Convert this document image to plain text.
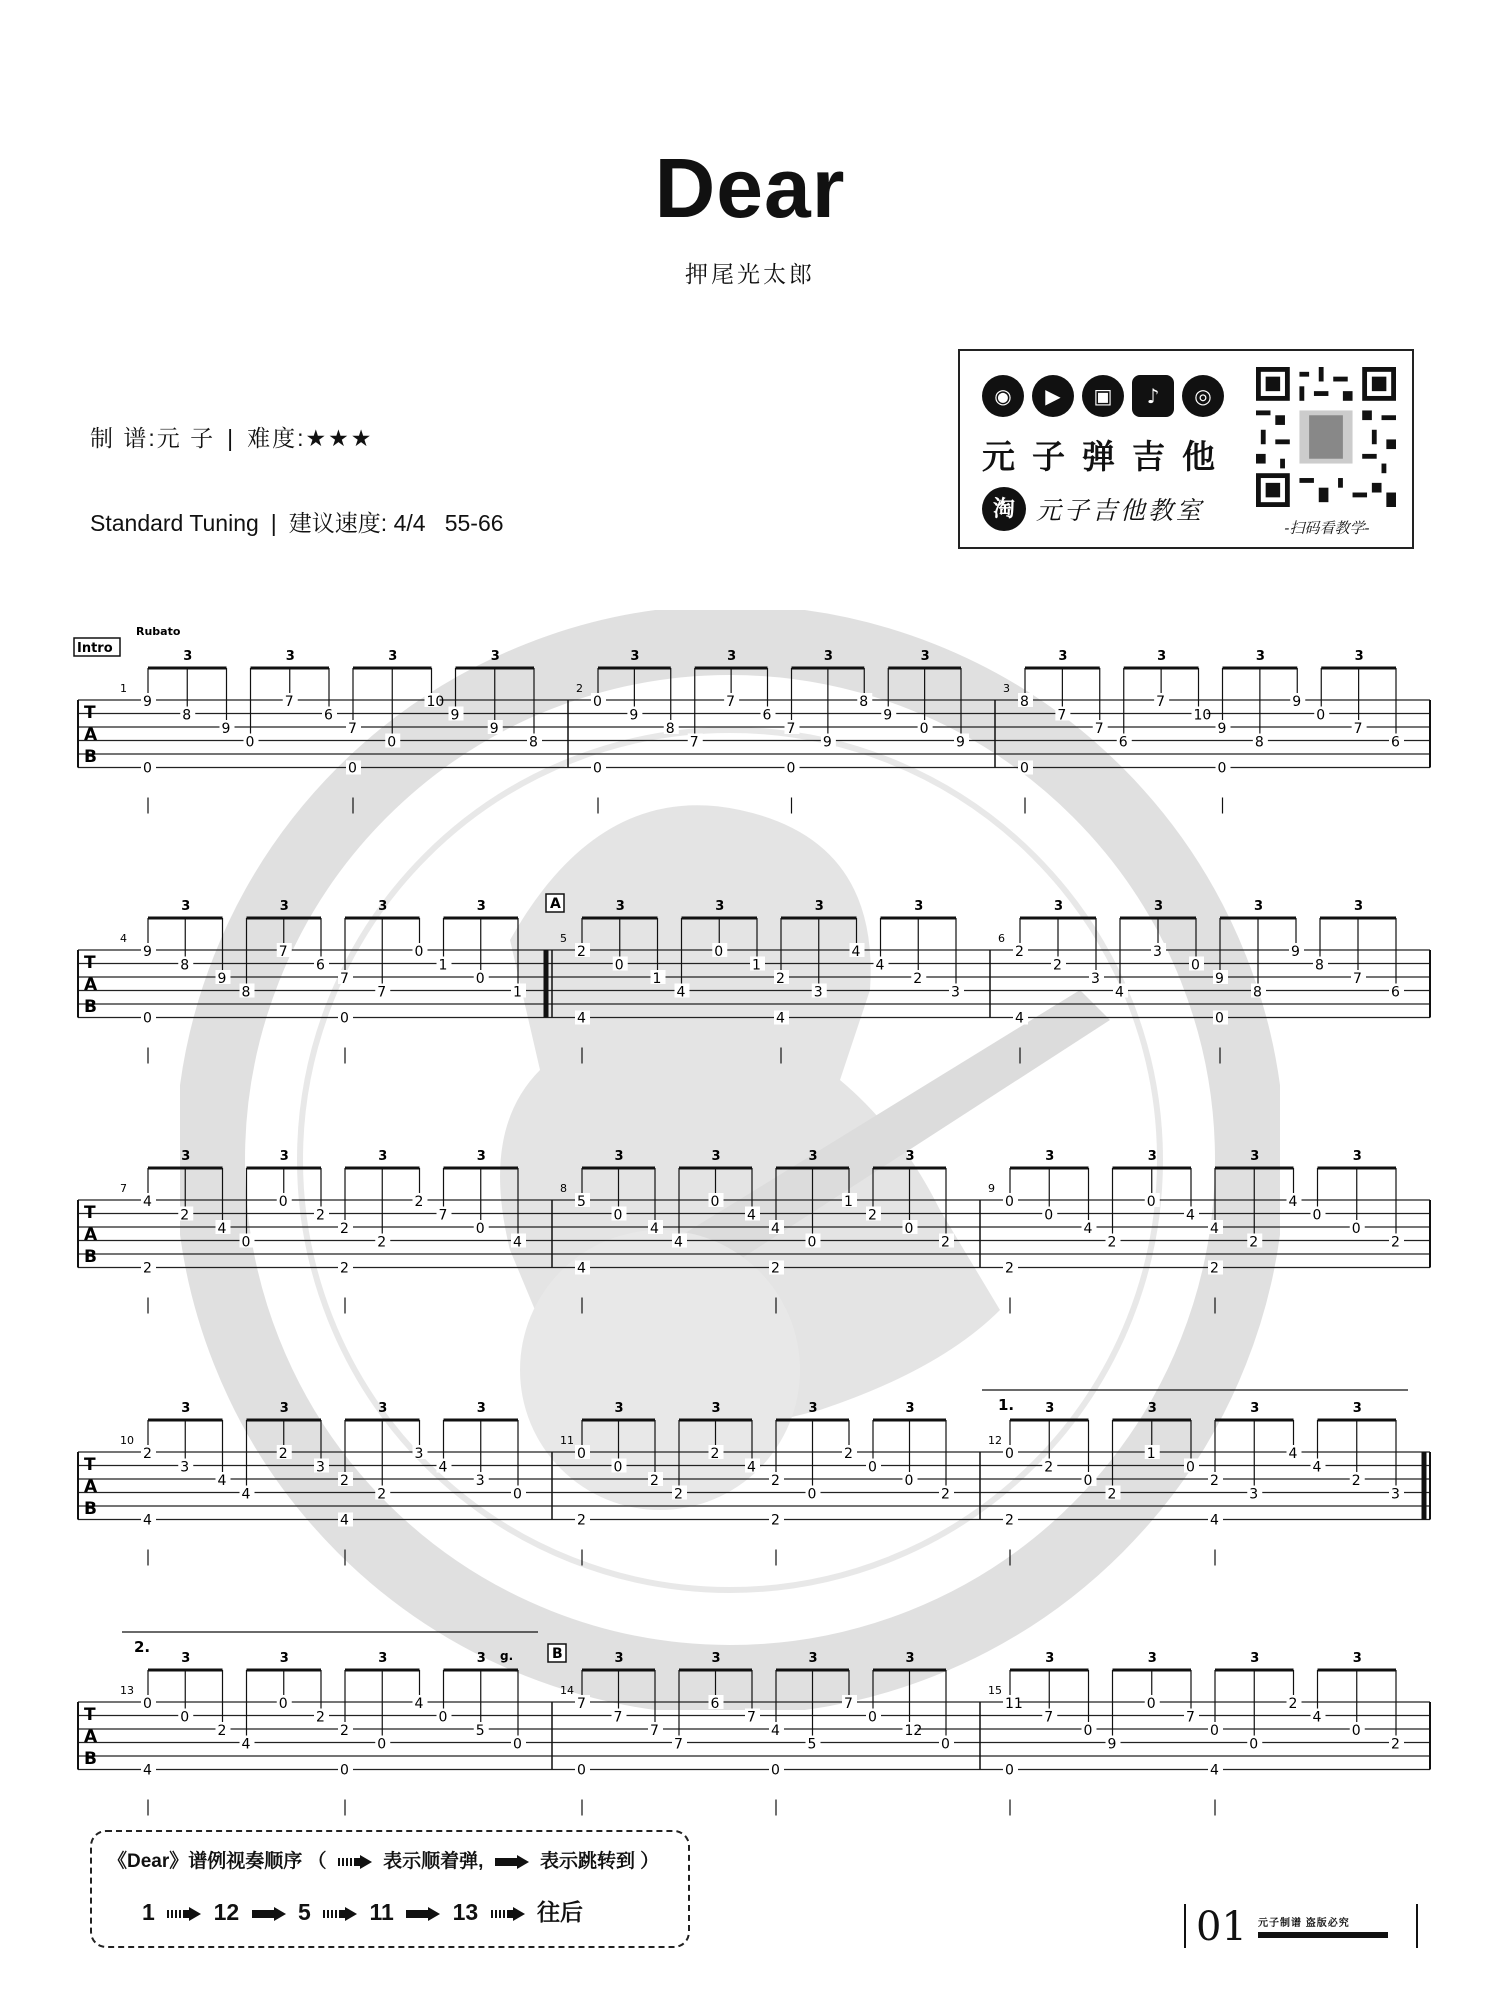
Dear
押尾光太郎
制 谱:元 子 | 难度:★★★
Standard Tuning | 建议速度: 4/4 55-66
◉	▶	▣	♪	◎
元子弹吉他
淘 元子吉他教室
-扫码看教学-
T
A
B
1	2	3
3
9
8
9
0
3
0
7
6
3
7
0
10
0
3
9
9
8
3
0
9
8
0
3
7
7
6
3
7
9
8
0
3
9
0
9
3
8
7
7
0
3
6
7
10
3
9
8
9
0
3
0
7
6
Intro
Rubato
T
A
B
4	5	6
3
9
8
9
0
3
8
7
6
3
7
7
0
0
3
1
0
1
3
2
0
1
4
3
4
0
1
3
2
3
4
4
3
4
2
3
3
2
2
3
4
3
4
3
0
3
9
8
9
0
3
8
7
6
A
T
A
B
7	8	9
3
4
2
4
2
3
0
0
2
3
2
2
2
2
3
7
0
4
3
5
0
4
4
3
4
0
4
3
4
0
1
2
3
2
0
2
3
0
0
4
2
3
2
0
4
3
4
2
4
2
3
0
0
2
T
A
B
10	11	12
3
2
3
4
4
3
4
2
3
3
2
2
3
4
3
4
3
0
3
0
0
2
2
3
2
2
4
3
2
0
2
2
3
0
0
2
3
0
2
0
2
3
2
1
0
3
2
3
4
4
3
4
2
3
1.
T
A
B
13	14	15
3
0
0
2
4
3
4
0
2
3
2
0
4
0
3
0
5
0
3
7
7
7
0
3
7
6
7
3
4
5
7
0
3
0
12
0
3
11
7
0
0
3
9
0
7
3
0
0
2
4
3
4
0
2
2.	B
g.
《Dear》谱例视奏顺序 （	表示顺着弹,	表示跳转到 ）
1	12	5	11	13	往后	01 元子制谱 盗版必究
